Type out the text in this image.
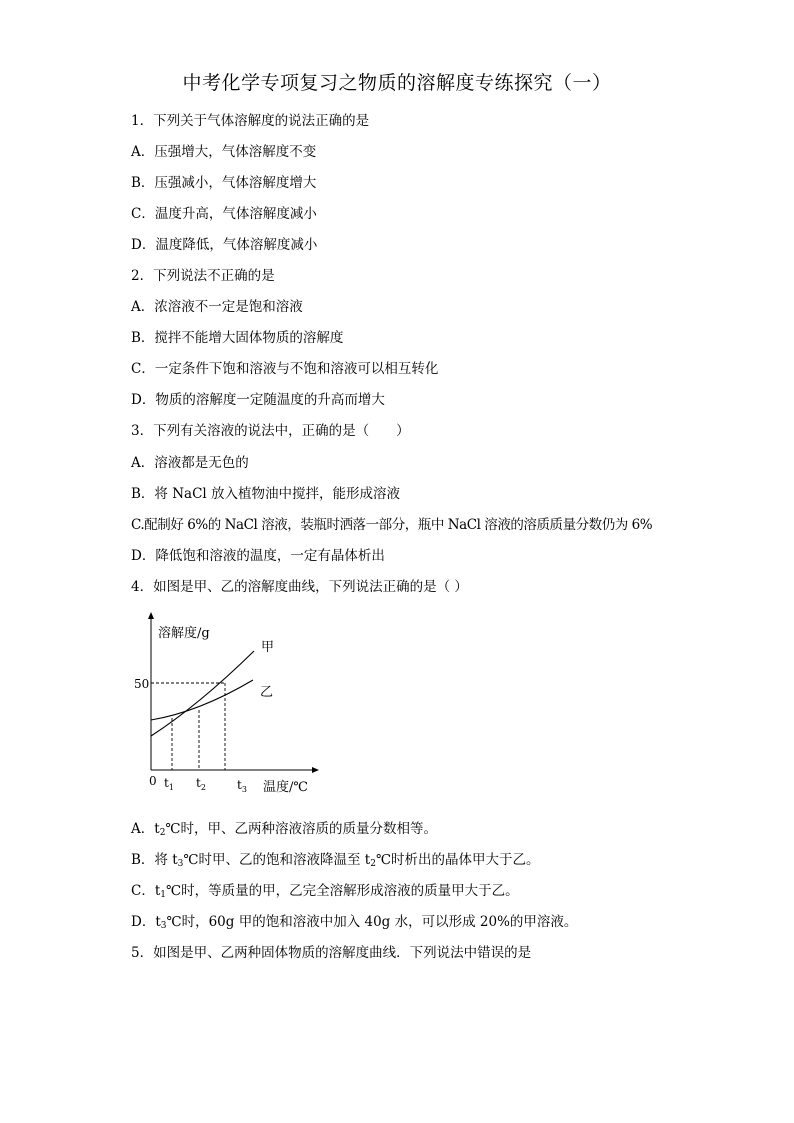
中考化学专项复习之物质的溶解度专练探究（一）
1．下列关于气体溶解度的说法正确的是
A．压强增大，气体溶解度不变
B．压强减小，气体溶解度增大
C．温度升高，气体溶解度减小
D．温度降低，气体溶解度减小
2．下列说法不正确的是
A．浓溶液不一定是饱和溶液
B．搅拌不能增大固体物质的溶解度
C．一定条件下饱和溶液与不饱和溶液可以相互转化
D．物质的溶解度一定随温度的升高而增大
3．下列有关溶液的说法中，正确的是（　　）
A．溶液都是无色的
B．将 NaCl 放入植物油中搅拌，能形成溶液
C.配制好 6%的 NaCl 溶液，装瓶时洒落一部分，瓶中 NaCl 溶液的溶质质量分数仍为 6%
D．降低饱和溶液的温度，一定有晶体析出
4．如图是甲、乙的溶解度曲线，下列说法正确的是（ ）
溶解度/g
50
甲
乙
0 $t_1$ $t_2$	$t_3$ 温度/℃
A．$t_2℃$时，甲、乙两种溶液溶质的质量分数相等。
B．将 $t_3℃$时甲、乙的饱和溶液降温至 $t_2℃$时析出的晶体甲大于乙。
C．$t_1℃$时，等质量的甲，乙完全溶解形成溶液的质量甲大于乙。
D．$t_3℃$时，60g 甲的饱和溶液中加入 40g 水，可以形成 20%的甲溶液。
5．如图是甲、乙两种固体物质的溶解度曲线．下列说法中错误的是
